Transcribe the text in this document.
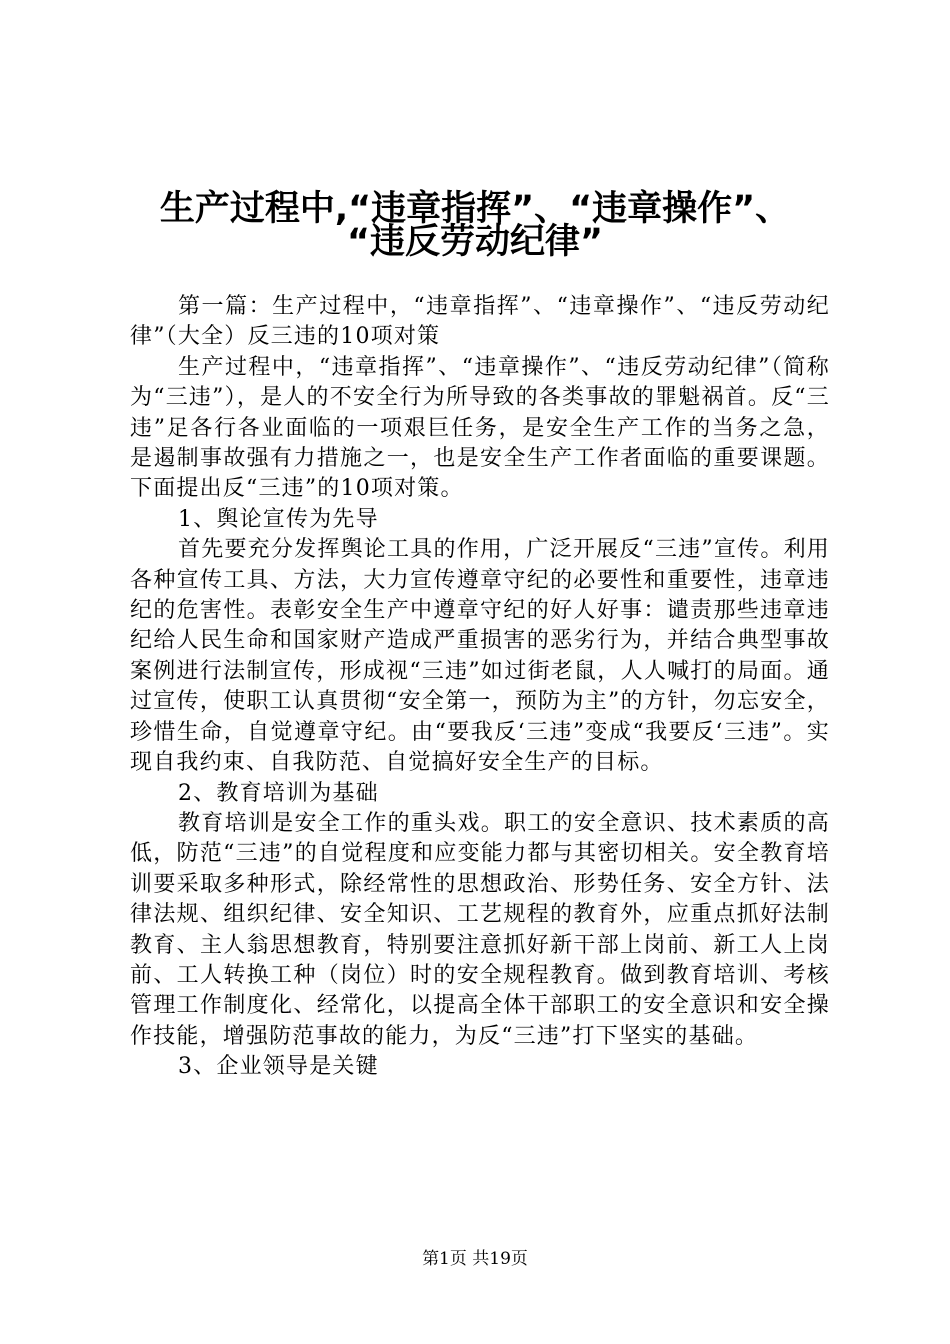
生产过程中,“违章指挥”、“违章操作”、
“违反劳动纪律”

第一篇：生产过程中，“违章指挥”、“违章操作”、“违反劳动纪律”（大全）反三违的10项对策

生产过程中，“违章指挥”、“违章操作”、“违反劳动纪律”（简称为“三违”），是人的不安全行为所导致的各类事故的罪魁祸首。反“三违”足各行各业面临的一项艰巨任务，是安全生产工作的当务之急，是遏制事故强有力措施之一，也是安全生产工作者面临的重要课题。下面提出反“三违”的10项对策。

1、舆论宣传为先导

首先要充分发挥舆论工具的作用，广泛开展反“三违”宣传。利用各种宣传工具、方法，大力宣传遵章守纪的必要性和重要性，违章违纪的危害性。表彰安全生产中遵章守纪的好人好事：谴责那些违章违纪给人民生命和国家财产造成严重损害的恶劣行为，并结合典型事故案例进行法制宣传，形成视“三违”如过街老鼠，人人喊打的局面。通过宣传，使职工认真贯彻“安全第一，预防为主”的方针，勿忘安全，珍惜生命，自觉遵章守纪。由“要我反‘三违”变成“我要反‘三违”。实现自我约束、自我防范、自觉搞好安全生产的目标。

2、教育培训为基础

教育培训是安全工作的重头戏。职工的安全意识、技术素质的高低，防范“三违”的自觉程度和应变能力都与其密切相关。安全教育培训要采取多种形式，除经常性的思想政治、形势任务、安全方针、法律法规、组织纪律、安全知识、工艺规程的教育外，应重点抓好法制教育、主人翁思想教育，特别要注意抓好新干部上岗前、新工人上岗前、工人转换工种（岗位）时的安全规程教育。做到教育培训、考核管理工作制度化、经常化，以提高全体干部职工的安全意识和安全操作技能，增强防范事故的能力，为反“三违”打下坚实的基础。

3、企业领导是关键

第1页 共19页
